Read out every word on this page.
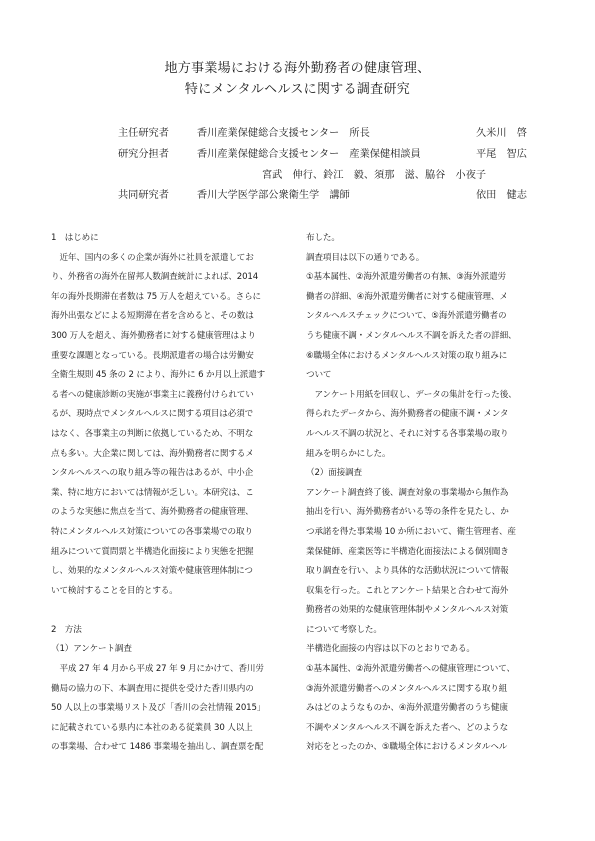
地方事業場における海外勤務者の健康管理、
特にメンタルヘルスに関する調査研究
主任研究者	香川産業保健総合支援センター　所長	久米川　啓
研究分担者	香川産業保健総合支援センター　産業保健相談員	平尾　智広
宮武　伸行、鈴江　毅、須那　滋、脇谷　小夜子
共同研究者	香川大学医学部公衆衛生学　講師	依田　健志
1　はじめに
　近年、国内の多くの企業が海外に社員を派遣してお
り、外務省の海外在留邦人数調査統計によれば、2014
年の海外長期滞在者数は 75 万人を超えている。さらに
海外出張などによる短期滞在者を含めると、その数は
300 万人を超え、海外勤務者に対する健康管理はより
重要な課題となっている。長期派遣者の場合は労働安
全衛生規則 45 条の 2 により、海外に 6 か月以上派遣す
る者への健康診断の実施が事業主に義務付けられてい
るが、現時点でメンタルヘルスに関する項目は必須で
はなく、各事業主の判断に依拠しているため、不明な
点も多い。大企業に関しては、海外勤務者に関するメ
ンタルヘルスへの取り組み等の報告はあるが、中小企
業、特に地方においては情報が乏しい。本研究は、こ
のような実態に焦点を当て、海外勤務者の健康管理、
特にメンタルヘルス対策についての各事業場での取り
組みについて質問票と半構造化面接により実態を把握
し、効果的なメンタルヘルス対策や健康管理体制につ
いて検討することを目的とする。
2　方法
（1）アンケート調査
　平成 27 年 4 月から平成 27 年 9 月にかけて、香川労
働局の協力の下、本調査用に提供を受けた香川県内の
50 人以上の事業場リスト及び「香川の会社情報 2015」
に記載されている県内に本社のある従業員 30 人以上
の事業場、合わせて 1486 事業場を抽出し、調査票を配
布した。
調査項目は以下の通りである。
①基本属性、②海外派遣労働者の有無、③海外派遣労
働者の詳細、④海外派遣労働者に対する健康管理、メ
ンタルヘルスチェックについて、⑤海外派遣労働者の
うち健康不調・メンタルヘルス不調を訴えた者の詳細、
⑥職場全体におけるメンタルヘルス対策の取り組みに
ついて
　アンケート用紙を回収し、データの集計を行った後、
得られたデータから、海外勤務者の健康不調・メンタ
ルヘルス不調の状況と、それに対する各事業場の取り
組みを明らかにした。
（2）面接調査
アンケート調査終了後、調査対象の事業場から無作為
抽出を行い、海外勤務者がいる等の条件を見たし、か
つ承諾を得た事業場 10 か所において、衛生管理者、産
業保健師、産業医等に半構造化面接法による個別聞き
取り調査を行い、より具体的な活動状況について情報
収集を行った。これとアンケート結果と合わせて海外
勤務者の効果的な健康管理体制やメンタルヘルス対策
について考察した。
半構造化面接の内容は以下のとおりである。
①基本属性、②海外派遣労働者への健康管理について、
③海外派遣労働者へのメンタルヘルスに関する取り組
みはどのようなものか、④海外派遣労働者のうち健康
不調やメンタルヘルス不調を訴えた者へ、どのような
対応をとったのか、⑤職場全体におけるメンタルヘル
